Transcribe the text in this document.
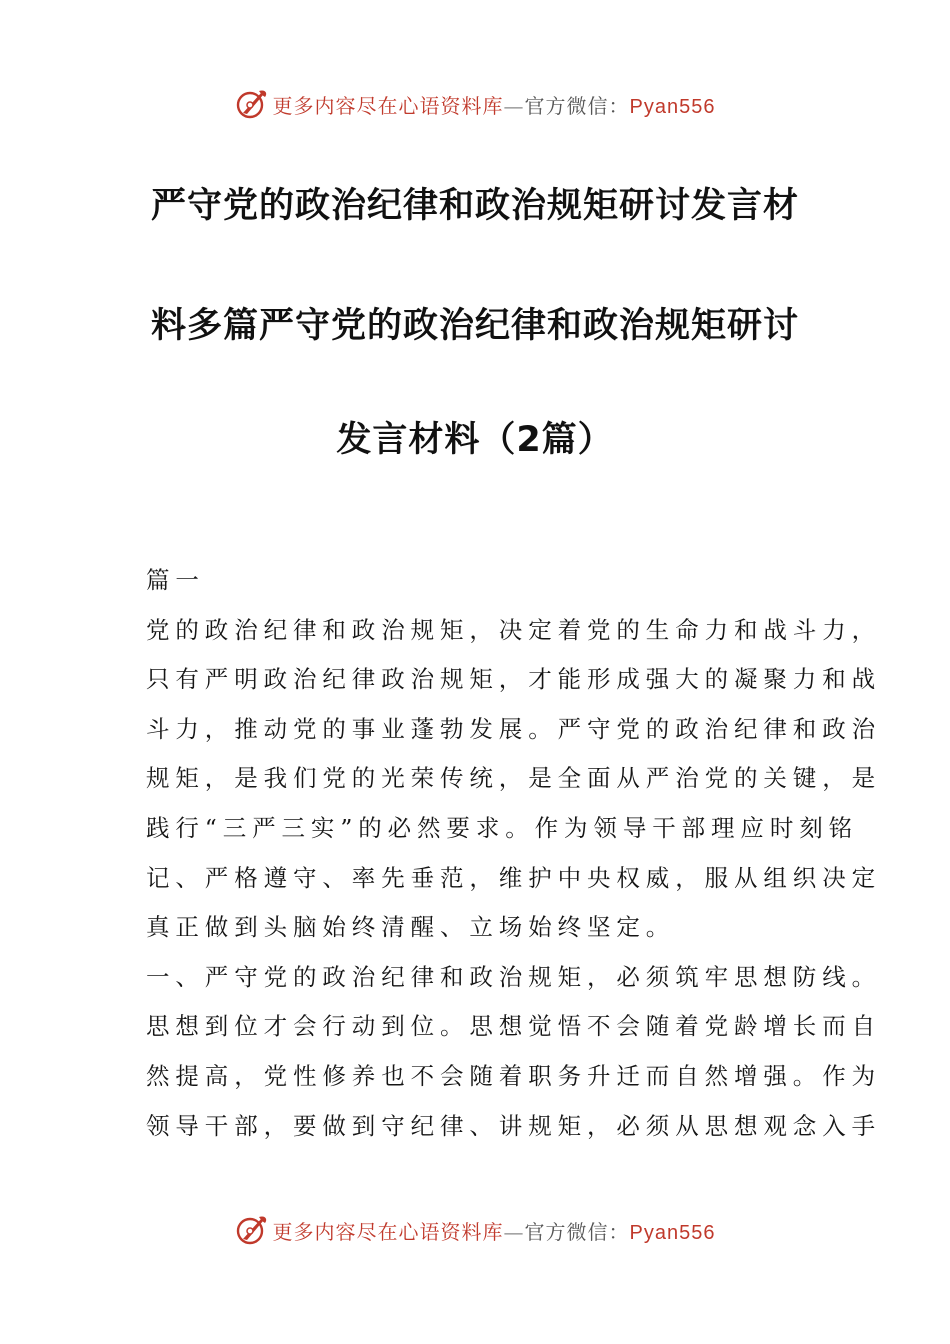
更多内容尽在心语资料库—官方微信：Pyan556
严守党的政治纪律和政治规矩研讨发言材
料多篇严守党的政治纪律和政治规矩研讨
发言材料（2篇）
篇一
党的政治纪律和政治规矩，决定着党的生命力和战斗力，
只有严明政治纪律政治规矩，才能形成强大的凝聚力和战
斗力，推动党的事业蓬勃发展。严守党的政治纪律和政治
规矩，是我们党的光荣传统，是全面从严治党的关键，是
践行“三严三实”的必然要求。作为领导干部理应时刻铭
记、严格遵守、率先垂范，维护中央权威，服从组织决定
真正做到头脑始终清醒、立场始终坚定。
一、严守党的政治纪律和政治规矩，必须筑牢思想防线。
思想到位才会行动到位。思想觉悟不会随着党龄增长而自
然提高，党性修养也不会随着职务升迁而自然增强。作为
领导干部，要做到守纪律、讲规矩，必须从思想观念入手
更多内容尽在心语资料库—官方微信：Pyan556
